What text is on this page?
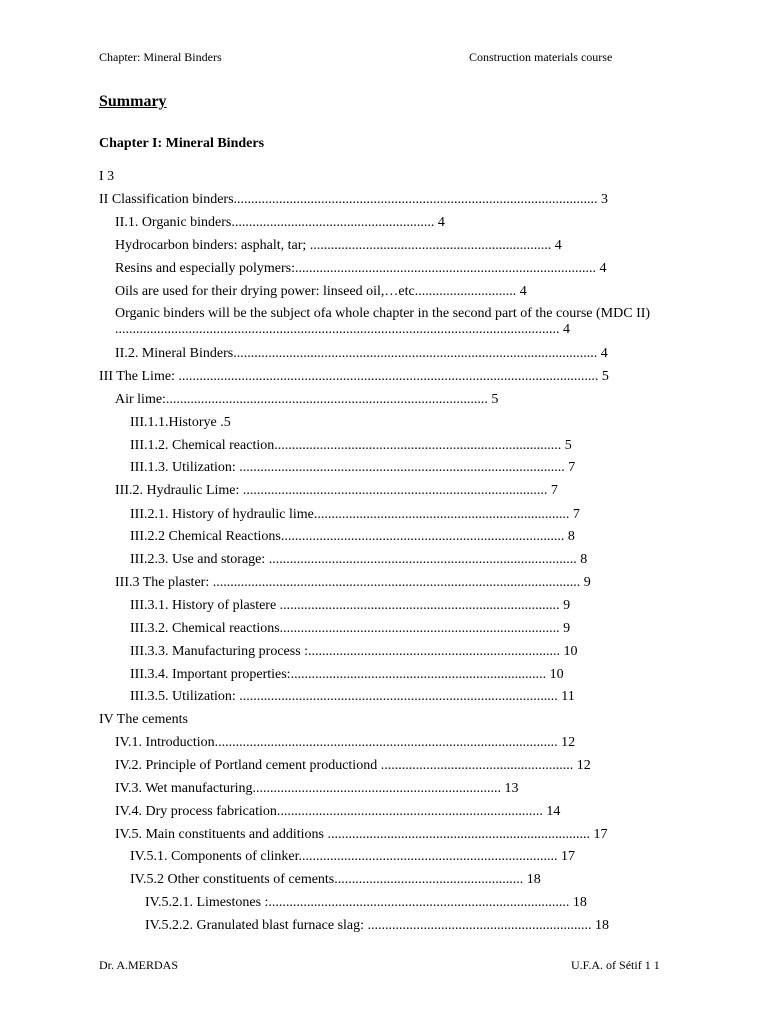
Chapter: Mineral Binders	Construction materials course
Summary
Chapter I: Mineral Binders
I 3
II Classification binders........................................................................................................ 3
II.1. Organic binders.......................................................... 4
Hydrocarbon binders: asphalt, tar; ..................................................................... 4
Resins and especially polymers:...................................................................................... 4
Oils are used for their drying power: linseed oil,…etc............................. 4
Organic binders will be the subject ofa whole chapter in the second part of the course (MDC II) ............................................................................................................................... 4
II.2. Mineral Binders........................................................................................................ 4
III The Lime: ........................................................................................................................ 5
Air lime:............................................................................................ 5
III.1.1.Historye .5
III.1.2. Chemical reaction.................................................................................. 5
III.1.3. Utilization: ............................................................................................. 7
III.2. Hydraulic Lime: ....................................................................................... 7
III.2.1. History of hydraulic lime......................................................................... 7
III.2.2 Chemical Reactions................................................................................. 8
III.2.3. Use and storage: ........................................................................................ 8
III.3 The plaster: ......................................................................................................... 9
III.3.1. History of plastere ................................................................................ 9
III.3.2. Chemical reactions................................................................................ 9
III.3.3. Manufacturing process :........................................................................ 10
III.3.4. Important properties:......................................................................... 10
III.3.5. Utilization: ........................................................................................... 11
IV The cements
IV.1. Introduction.................................................................................................. 12
IV.2. Principle of Portland cement productiond ....................................................... 12
IV.3. Wet manufacturing....................................................................... 13
IV.4. Dry process fabrication............................................................................ 14
IV.5. Main constituents and additions ........................................................................... 17
IV.5.1. Components of clinker.......................................................................... 17
IV.5.2 Other constituents of cements...................................................... 18
IV.5.2.1. Limestones :...................................................................................... 18
IV.5.2.2. Granulated blast furnace slag: ................................................................ 18
Dr. A.MERDAS	U.F.A. of Sétif 1 1
